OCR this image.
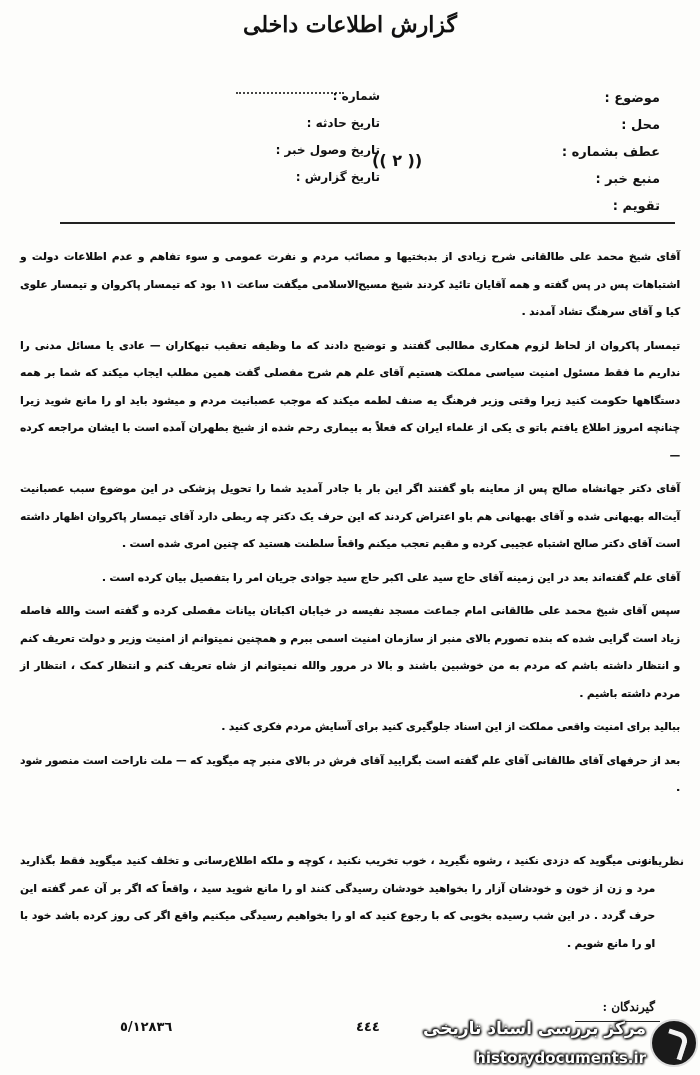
گزارش اطلاعات داخلی
موضوع :
محل :
عطف بشماره :
منبع خبر :
تقویم :
شماره :
تاریخ حادثه :
تاریخ وصول خبر :
تاریخ گزارش :
(( ۲ ))

آقای شیخ محمد علی طالقانی شرح زیادی از بدبختیها و مصائب مردم و نفرت عمومی و سوء تفاهم و عدم اطلاعات دولت و اشتباهات پس در پس گفته و همه آقایان تائید کردند شیخ مسیح‌الاسلامی میگفت ساعت ۱۱ بود که تیمسار پاکروان و تیمسار علوی کیا و آقای سرهنگ تشاد آمدند .

تیمسار پاکروان از لحاظ لزوم همکاری مطالبی گفتند و توضیح دادند که ما وظیفه تعقیب تبهکاران — عادی یا مسائل مدنی را نداریم ما فقط مسئول امنیت سیاسی مملکت هستیم آقای علم هم شرح مفصلی گفت همین مطلب ایجاب میکند که شما بر همه دستگاهها حکومت کنید زیرا وقتی وزیر فرهنگ یه صنف لطمه میکند که موجب عصبانیت مردم و میشود باید او را مانع شوید زیرا چنانچه امروز اطلاع یافتم باتو ی یکی از علماء ایران که فعلاً به بیماری رحم شده از شیخ بطهران آمده است با ایشان مراجعه کرده —

آقای دکتر جهانشاه صالح پس از معاینه باو گفتند اگر این بار با جادر آمدید شما را تحویل پزشکی در این موضوع سبب عصبانیت آیت‌اله بهبهانی شده و آقای بهبهانی هم باو اعتراض کردند که این حرف یک دکتر چه ربطی دارد آقای تیمسار پاکروان اظهار داشته است آقای دکتر صالح اشتباه عجیبی کرده و مقیم تعجب میکنم واقعاً سلطنت هستید که چنین امری شده است .

آقای علم گفته‌اند بعد در این زمینه آقای حاج سید علی اکبر حاج سید جوادی جریان امر را بتفصیل بیان کرده است .

سپس آقای شیخ محمد علی طالقانی امام جماعت مسجد نفیسه در خیابان اکباتان بیانات مفصلی کرده و گفته است والله فاصله زیاد است گرایی شده که بنده تصورم بالای منبر از سازمان امنیت اسمی ببرم و همچنین نمیتوانم از امنیت وزیر و دولت تعریف کنم و انتظار داشته باشم که مردم به من خوشبین باشند و بالا در مرور والله نمیتوانم از شاه تعریف کنم و انتظار کمک ، انتظار از مردم داشته باشیم .

ببالید برای امنیت واقعی مملکت از این اسناد جلوگیری کنید برای آسایش مردم فکری کنید .

بعد از حرفهای آقای طالقانی آقای علم گفته است بگرایید آقای فرش در بالای منبر چه میگوید که — ملت ناراحت است منصور شود .

نظریه :

انونی میگوید که دزدی نکنید ، رشوه نگیرید ، خوب تخریب نکنید ، کوچه و ملکه اطلاع‌رسانی و تخلف کنید میگوید فقط بگذارید مرد و زن از خون و خودشان آزار را بخواهید خودشان رسیدگی کنند او را مانع شوید سید ، واقعاً که اگر بر آن عمر گفته این حرف گردد . در این شب رسیده بخوبی که با رجوع کنید که او را بخواهیم رسیدگی میکنیم واقع اگر کی روز کرده باشد خود با او را مانع شویم .

گیرندگان :
٤٤٤
٥/١٢٨٣٦	مرکز بررسی اسناد تاریخی
historydocuments.ir
